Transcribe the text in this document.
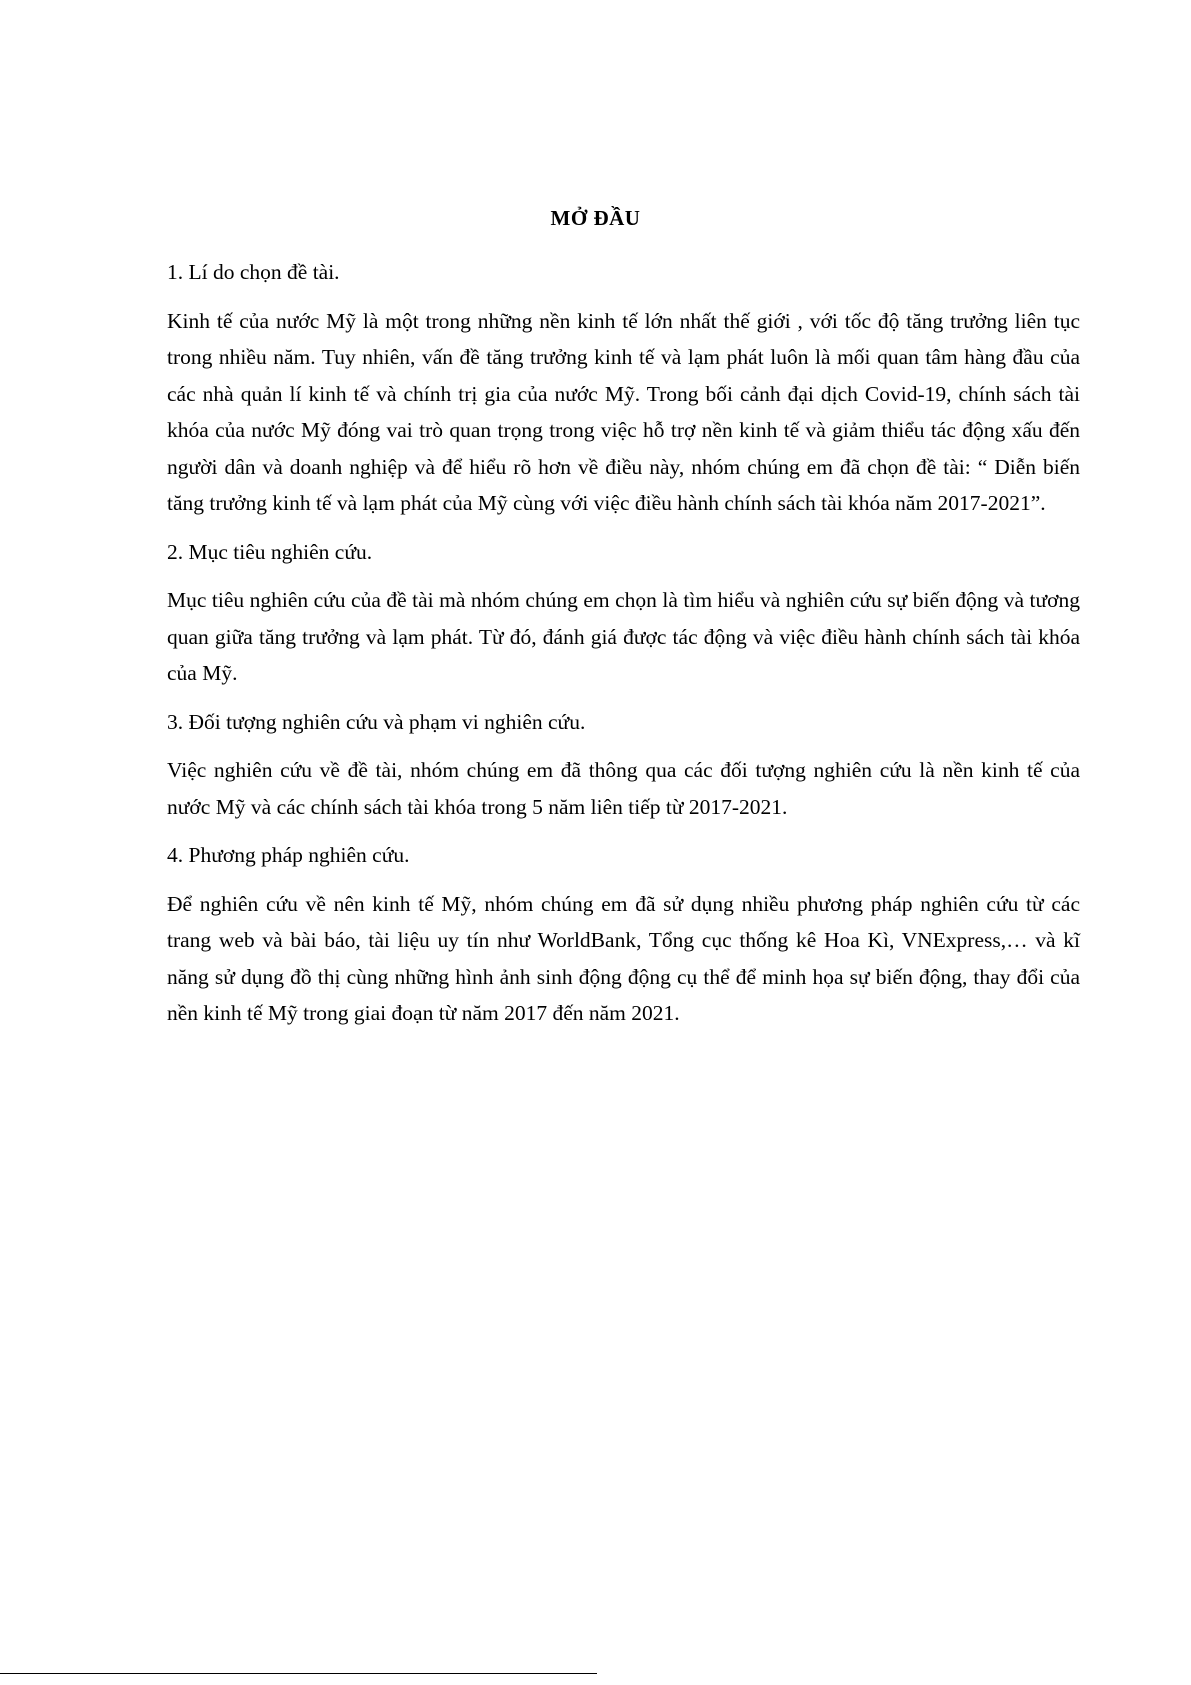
MỞ ĐẦU

1. Lí do chọn đề tài.

Kinh tế của nước Mỹ là một trong những nền kinh tế lớn nhất thế giới , với tốc độ tăng trưởng liên tục trong nhiều năm. Tuy nhiên, vấn đề tăng trưởng kinh tế và lạm phát luôn là mối quan tâm hàng đầu của các nhà quản lí kinh tế và chính trị gia của nước Mỹ. Trong bối cảnh đại dịch Covid-19, chính sách tài khóa của nước Mỹ đóng vai trò quan trọng trong việc hỗ trợ nền kinh tế và giảm thiểu tác động xấu đến người dân và doanh nghiệp và để hiểu rõ hơn về điều này, nhóm chúng em đã chọn đề tài: “ Diễn biến tăng trưởng kinh tế và lạm phát của Mỹ cùng với việc điều hành chính sách tài khóa năm 2017-2021”.

2. Mục tiêu nghiên cứu.

Mục tiêu nghiên cứu của đề tài mà nhóm chúng em chọn là tìm hiểu và nghiên cứu sự biến động và tương quan giữa tăng trưởng và lạm phát. Từ đó, đánh giá được tác động và việc điều hành chính sách tài khóa của Mỹ.

3. Đối tượng nghiên cứu và phạm vi nghiên cứu.

Việc nghiên cứu về đề tài, nhóm chúng em đã thông qua các đối tượng nghiên cứu là nền kinh tế của nước Mỹ và các chính sách tài khóa trong 5 năm liên tiếp từ 2017-2021.

4. Phương pháp nghiên cứu.

Để nghiên cứu về nên kinh tế Mỹ, nhóm chúng em đã sử dụng nhiều phương pháp nghiên cứu từ các trang web và bài báo, tài liệu uy tín như WorldBank, Tổng cục thống kê Hoa Kì, VNExpress,… và kĩ năng sử dụng đồ thị cùng những hình ảnh sinh động động cụ thể để minh họa sự biến động, thay đổi của nền kinh tế Mỹ trong giai đoạn từ năm 2017 đến năm 2021.
